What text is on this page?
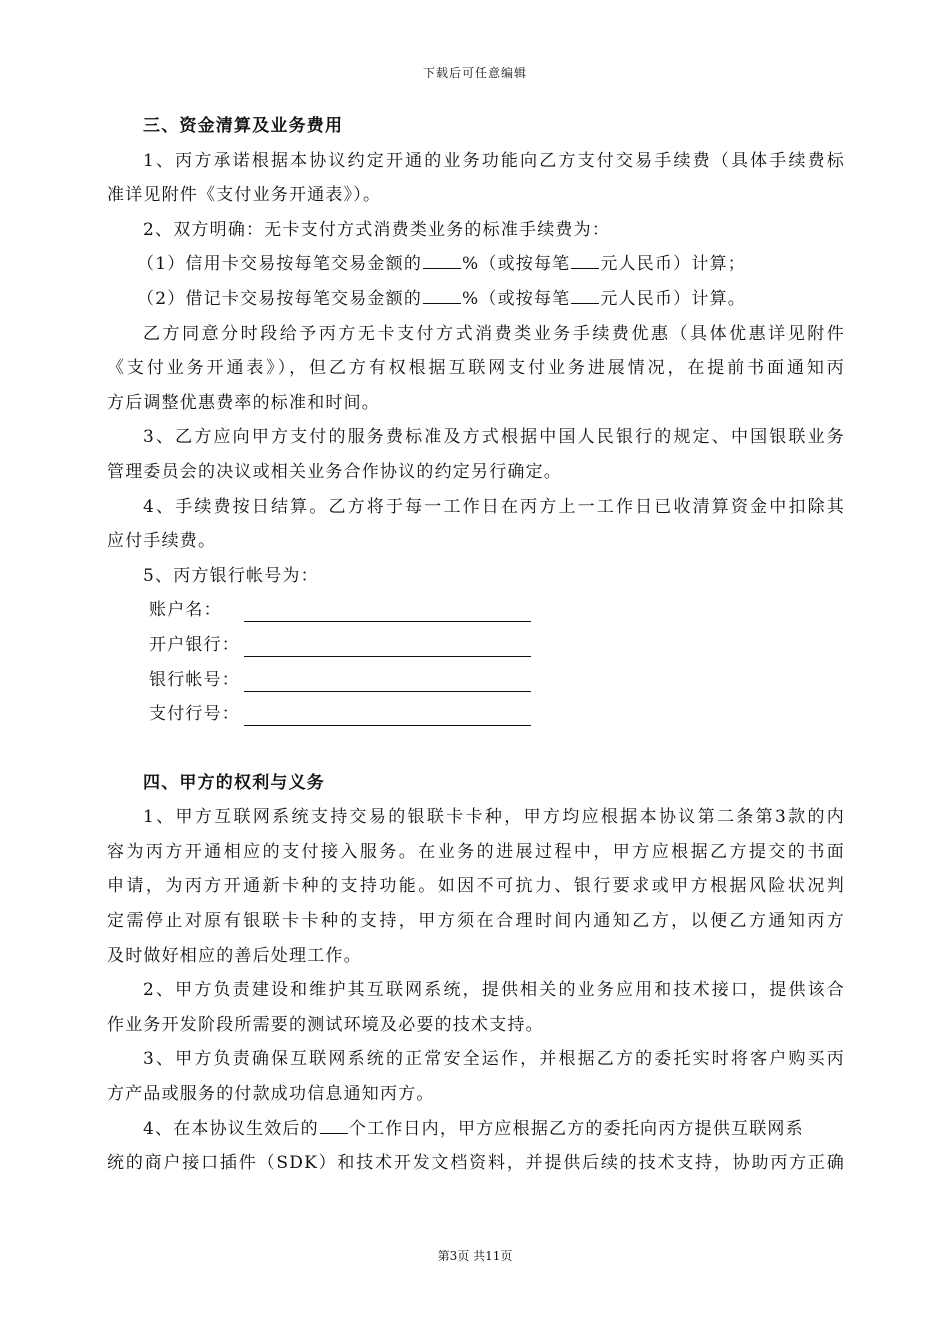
下载后可任意编辑
三、资金清算及业务费用
1、丙方承诺根据本协议约定开通的业务功能向乙方支付交易手续费（具体手续费标
准详见附件《支付业务开通表》）。
2、双方明确：无卡支付方式消费类业务的标准手续费为：
（1）信用卡交易按每笔交易金额的 %（或按每笔 元人民币）计算；
（2）借记卡交易按每笔交易金额的 %（或按每笔 元人民币）计算。
乙方同意分时段给予丙方无卡支付方式消费类业务手续费优惠（具体优惠详见附件
《支付业务开通表》），但乙方有权根据互联网支付业务进展情况，在提前书面通知丙
方后调整优惠费率的标准和时间。
3、乙方应向甲方支付的服务费标准及方式根据中国人民银行的规定、中国银联业务
管理委员会的决议或相关业务合作协议的约定另行确定。
4、手续费按日结算。乙方将于每一工作日在丙方上一工作日已收清算资金中扣除其
应付手续费。
5、丙方银行帐号为：
账户名：
开户银行：
银行帐号：
支付行号：
四、甲方的权利与义务
1、甲方互联网系统支持交易的银联卡卡种，甲方均应根据本协议第二条第3款的内
容为丙方开通相应的支付接入服务。在业务的进展过程中，甲方应根据乙方提交的书面
申请，为丙方开通新卡种的支持功能。如因不可抗力、银行要求或甲方根据风险状况判
定需停止对原有银联卡卡种的支持，甲方须在合理时间内通知乙方，以便乙方通知丙方
及时做好相应的善后处理工作。
2、甲方负责建设和维护其互联网系统，提供相关的业务应用和技术接口，提供该合
作业务开发阶段所需要的测试环境及必要的技术支持。
3、甲方负责确保互联网系统的正常安全运作，并根据乙方的委托实时将客户购买丙
方产品或服务的付款成功信息通知丙方。
4、在本协议生效后的 个工作日内，甲方应根据乙方的委托向丙方提供互联网系
统的商户接口插件（SDK）和技术开发文档资料，并提供后续的技术支持，协助丙方正确
第3页 共11页
